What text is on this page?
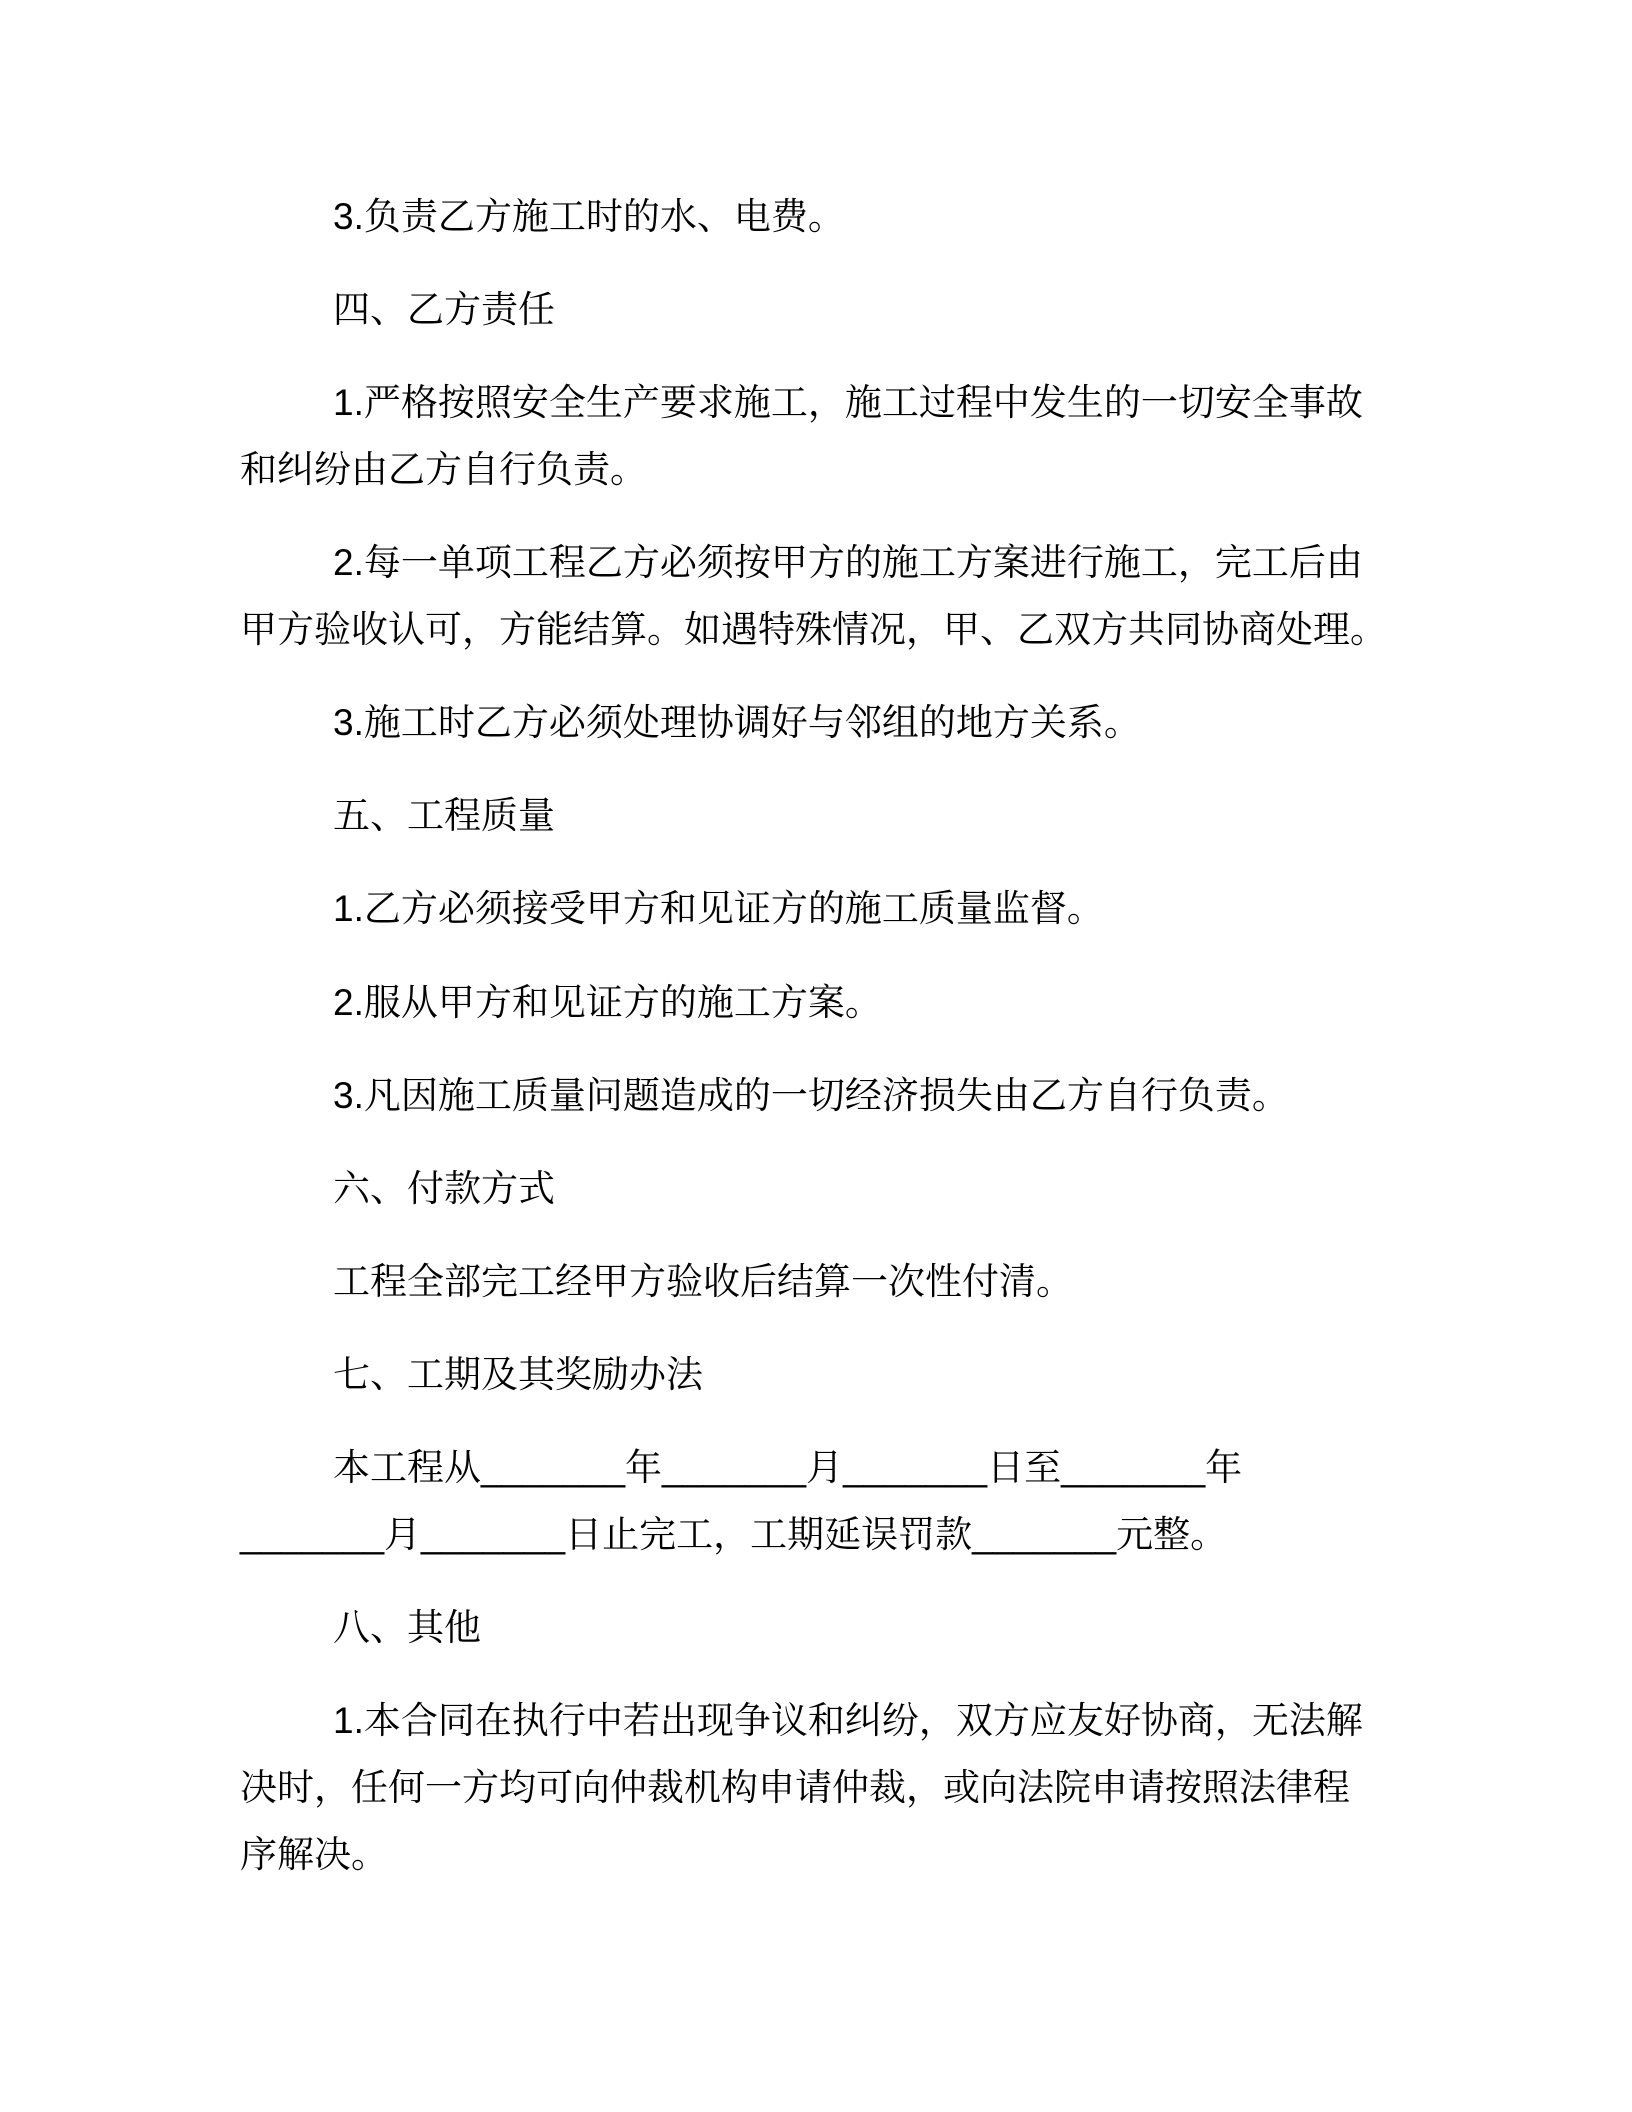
3.负责乙方施工时的水、电费。
四、乙方责任
1.严格按照安全生产要求施工，施工过程中发生的一切安全事故
和纠纷由乙方自行负责。
2.每一单项工程乙方必须按甲方的施工方案进行施工，完工后由
甲方验收认可，方能结算。如遇特殊情况，甲、乙双方共同协商处理。
3.施工时乙方必须处理协调好与邻组的地方关系。
五、工程质量
1.乙方必须接受甲方和见证方的施工质量监督。
2.服从甲方和见证方的施工方案。
3.凡因施工质量问题造成的一切经济损失由乙方自行负责。
六、付款方式
工程全部完工经甲方验收后结算一次性付清。
七、工期及其奖励办法
本工程从_______年_______月_______日至_______年
_______月_______日止完工，工期延误罚款_______元整。
八、其他
1.本合同在执行中若出现争议和纠纷，双方应友好协商，无法解
决时，任何一方均可向仲裁机构申请仲裁，或向法院申请按照法律程
序解决。
